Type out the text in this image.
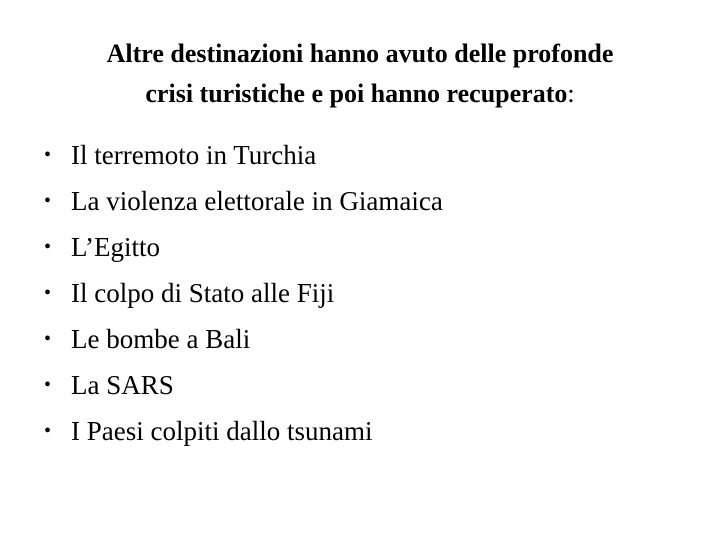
Altre destinazioni hanno avuto delle profonde
crisi turistiche e poi hanno recuperato:
• Il terremoto in Turchia
• La violenza elettorale in Giamaica
• L’Egitto
• Il colpo di Stato alle Fiji
• Le bombe a Bali
• La SARS
• I Paesi colpiti dallo tsunami
